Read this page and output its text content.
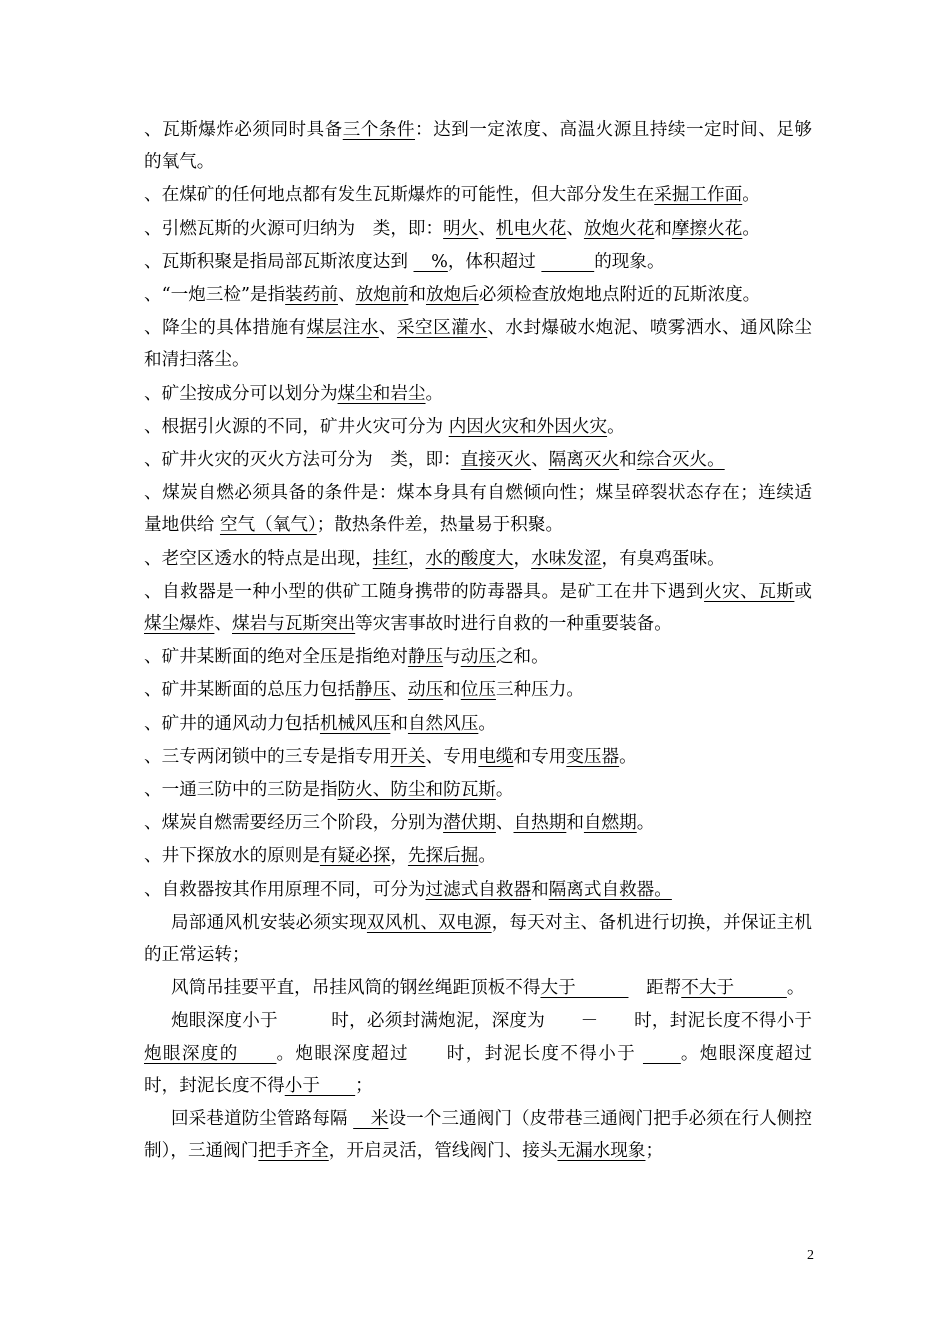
、瓦斯爆炸必须同时具备三个条件：达到一定浓度、高温火源且持续一定时间、足够的氧气。

、在煤矿的任何地点都有发生瓦斯爆炸的可能性，但大部分发生在采掘工作面。

、引燃瓦斯的火源可归纳为　类，即：明火、机电火花、放炮火花和摩擦火花。

、瓦斯积聚是指局部瓦斯浓度达到 　%，体积超过 　　　	的现象。

、“一炮三检”是指装药前、放炮前和放炮后必须检查放炮地点附近的瓦斯浓度。

、降尘的具体措施有煤层注水、采空区灌水、水封爆破水炮泥、喷雾洒水、通风除尘和清扫落尘。

、矿尘按成分可以划分为煤尘和岩尘。

、根据引火源的不同，矿井火灾可分为 内因火灾和外因火灾。

、矿井火灾的灭火方法可分为　类，即：直接灭火、隔离灭火和综合灭火。

、煤炭自燃必须具备的条件是：煤本身具有自燃倾向性；煤呈碎裂状态存在；连续适量地供给 空气（氧气）；散热条件差，热量易于积聚。

、老空区透水的特点是出现，挂红，水的酸度大，水味发涩，有臭鸡蛋味。

、自救器是一种小型的供矿工随身携带的防毒器具。是矿工在井下遇到火灾、瓦斯或煤尘爆炸、煤岩与瓦斯突出等灾害事故时进行自救的一种重要装备。

、矿井某断面的绝对全压是指绝对静压与动压之和。

、矿井某断面的总压力包括静压、动压和位压三种压力。

、矿井的通风动力包括机械风压和自然风压。

、三专两闭锁中的三专是指专用开关、专用电缆和专用变压器。

、一通三防中的三防是指防火、防尘和防瓦斯。

、煤炭自燃需要经历三个阶段，分别为潜伏期、自热期和自燃期。

、井下探放水的原则是有疑必探，先探后掘。

、自救器按其作用原理不同，可分为过滤式自救器和隔离式自救器。

局部通风机安装必须实现双风机、双电源，每天对主、备机进行切换，并保证主机的正常运转；

风筒吊挂要平直，吊挂风筒的钢丝绳距顶板不得大于　　　　距帮不大于　　　。

炮眼深度小于　　　时，必须封满炮泥，深度为　　－　　时，封泥长度不得小于炮眼深度的　　。炮眼深度超过　　时，封泥长度不得小于 　　。炮眼深度超过　　　时，封泥长度不得小于　　；

回采巷道防尘管路每隔 　米设一个三通阀门（皮带巷三通阀门把手必须在行人侧控制），三通阀门把手齐全，开启灵活，管线阀门、接头无漏水现象；

2
